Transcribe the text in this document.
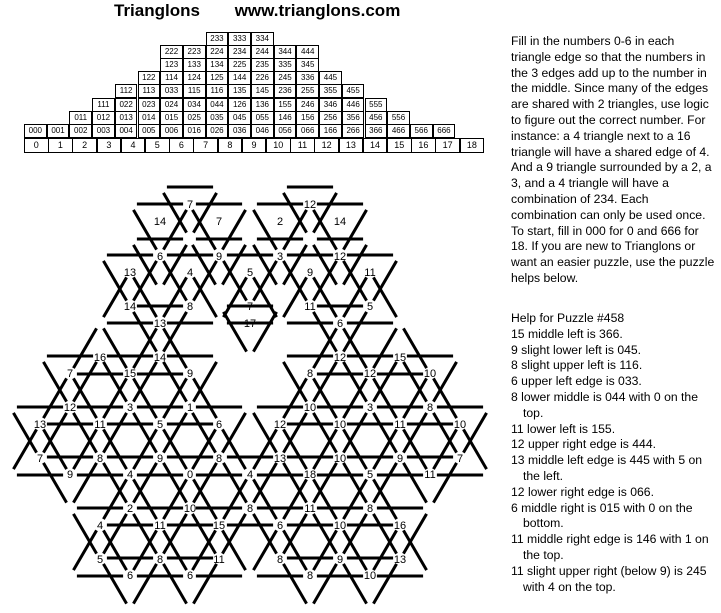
Trianglons www.trianglons.com
233	333	334
222	223	224	234	244	344	444
123	133	134	225	235	335	345
122	114	124	125	144	226	245	336	445
112	113	033	115	116	135	145	236	255	355	455
111	022	023	024	034	044	126	136	155	246	346	446	555
011	012	013	014	015	025	035	045	055	146	156	256	356	456	556
000	001	002	003	004	005	006	016	026	036	046	056	066	166	266	366	466	566	666
0	1	2	3	4	5	6	7	8	9	10	11	12	13	14	15	16	17	18
Fill in the numbers 0-6 in each triangle edge so that the numbers in the 3 edges add up to the number in the middle. Since many of the edges are shared with 2 triangles, use logic to figure out the correct number. For instance: a 4 triangle next to a 16 triangle will have a shared edge of 4. And a 9 triangle surrounded by a 2, a 3, and a 4 triangle will have a combination of 234. Each combination can only be used once. To start, fill in 000 for 0 and 666 for 18. If you are new to Trianglons or want an easier puzzle, use the puzzle helps below.
Help for Puzzle #458
15 middle left is 366.
9 slight lower left is 045.
8 slight upper left is 116.
6 upper left edge is 033.
8 lower middle is 044 with 0 on the top.
11 lower left is 155.
12 upper right edge is 444.
13 middle left edge is 445 with 5 on the left.
12 lower right edge is 066.
6 middle right is 015 with 0 on the bottom.
11 middle right edge is 146 with 1 on the top.
11 slight upper right (below 9) is 245 with 4 on the top.
7	12
14	7	2	14
6	9	3	12
13	4	5	9	11
14	8	7	11	5
13	17	6
16	14	12	15
7	15	9	8	12	10
12	3	1	10	3	8
13	11	5	6	12	10	11	10
7	8	9	8	13	10	9	7
9	4	0	4	18	5	11
2	10	8	11	8
4	11	15	6	10	16
5	8	11	8	9	13
6	6	8	10
